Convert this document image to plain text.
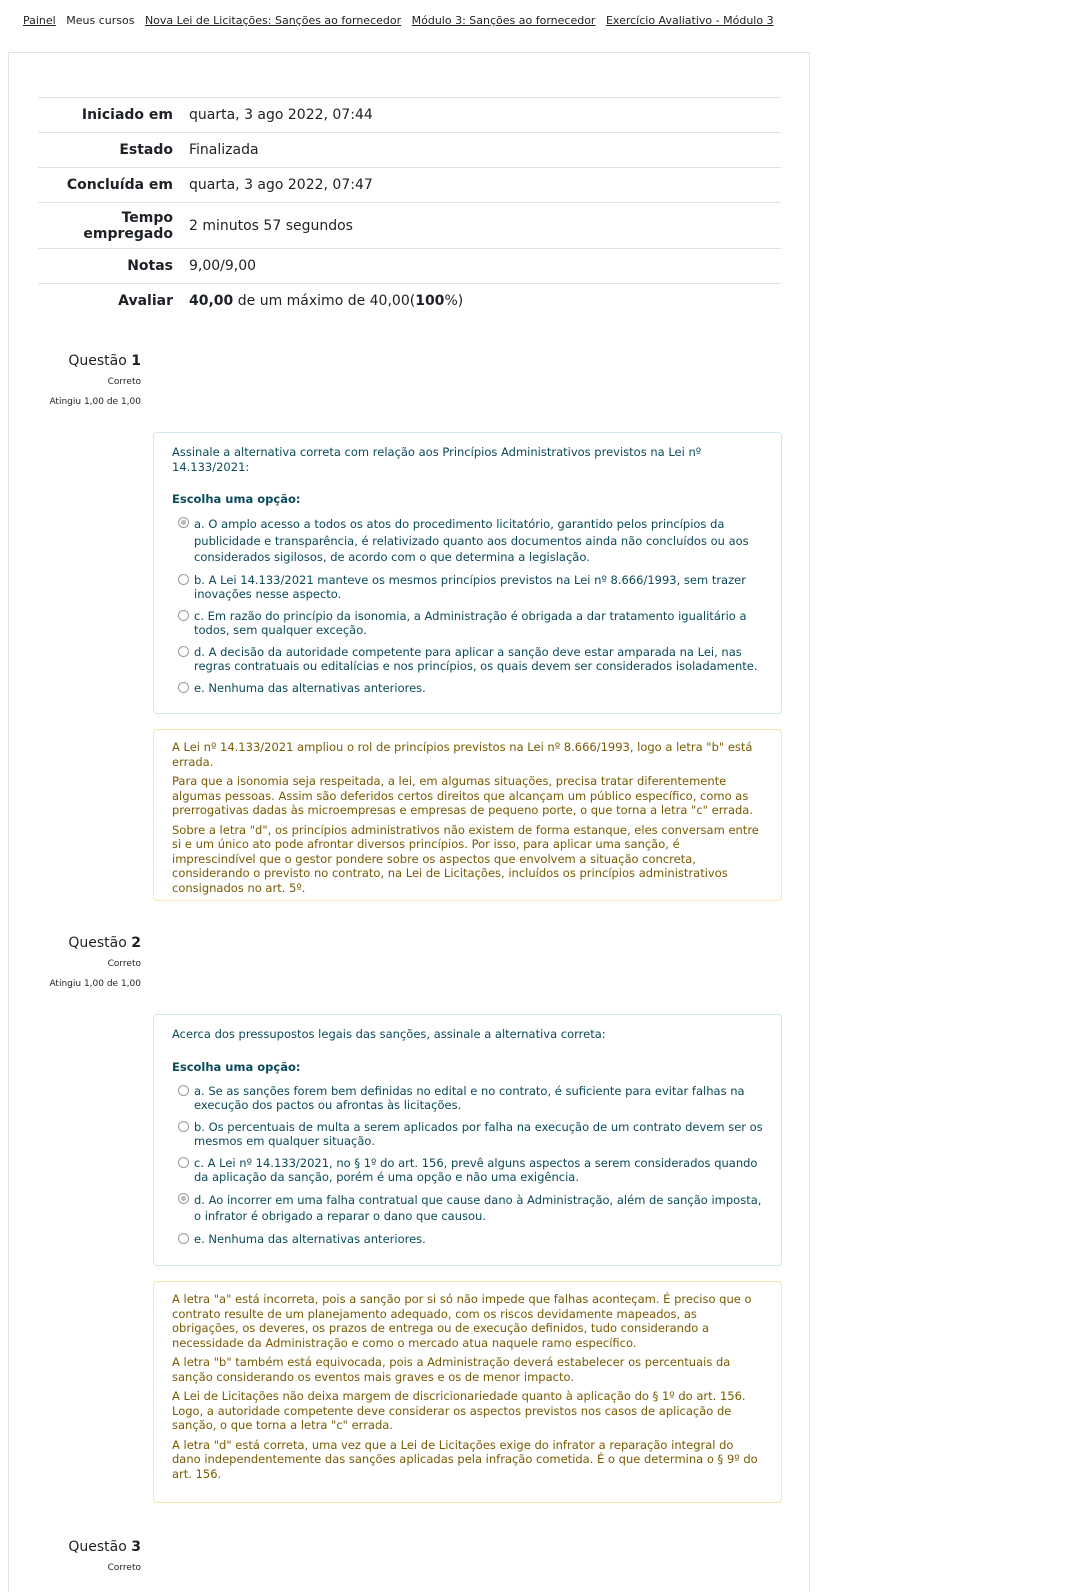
Painel Meus cursos Nova Lei de Licitações: Sanções ao fornecedor Módulo 3: Sanções ao fornecedor Exercício Avaliativo - Módulo 3
Iniciado em	quarta, 3 ago 2022, 07:44
Estado	Finalizada
Concluída em	quarta, 3 ago 2022, 07:47
Tempo empregado	2 minutos 57 segundos
Notas	9,00/9,00
Avaliar	40,00 de um máximo de 40,00(100%)
Questão 1
Correto
Atingiu 1,00 de 1,00
Assinale a alternativa correta com relação aos Princípios Administrativos previstos na Lei nº 14.133/2021:
Escolha uma opção:
a. O amplo acesso a todos os atos do procedimento licitatório, garantido pelos princípios da publicidade e transparência, é relativizado quanto aos documentos ainda não concluídos ou aos considerados sigilosos, de acordo com o que determina a legislação.
b. A Lei 14.133/2021 manteve os mesmos princípios previstos na Lei nº 8.666/1993, sem trazer inovações nesse aspecto.
c. Em razão do princípio da isonomia, a Administração é obrigada a dar tratamento igualitário a todos, sem qualquer exceção.
d. A decisão da autoridade competente para aplicar a sanção deve estar amparada na Lei, nas regras contratuais ou editalícias e nos princípios, os quais devem ser considerados isoladamente.
e. Nenhuma das alternativas anteriores.

A Lei nº 14.133/2021 ampliou o rol de princípios previstos na Lei nº 8.666/1993, logo a letra "b" está errada.

Para que a isonomia seja respeitada, a lei, em algumas situações, precisa tratar diferentemente algumas pessoas. Assim são deferidos certos direitos que alcançam um público específico, como as prerrogativas dadas às microempresas e empresas de pequeno porte, o que torna a letra "c" errada.

Sobre a letra "d", os princípios administrativos não existem de forma estanque, eles conversam entre si e um único ato pode afrontar diversos princípios. Por isso, para aplicar uma sanção, é imprescindível que o gestor pondere sobre os aspectos que envolvem a situação concreta, considerando o previsto no contrato, na Lei de Licitações, incluídos os princípios administrativos consignados no art. 5º.

Questão 2
Correto
Atingiu 1,00 de 1,00
Acerca dos pressupostos legais das sanções, assinale a alternativa correta:
Escolha uma opção:
a. Se as sanções forem bem definidas no edital e no contrato, é suficiente para evitar falhas na execução dos pactos ou afrontas às licitações.
b. Os percentuais de multa a serem aplicados por falha na execução de um contrato devem ser os mesmos em qualquer situação.
c. A Lei nº 14.133/2021, no § 1º do art. 156, prevê alguns aspectos a serem considerados quando da aplicação da sanção, porém é uma opção e não uma exigência.
d. Ao incorrer em uma falha contratual que cause dano à Administração, além de sanção imposta, o infrator é obrigado a reparar o dano que causou.
e. Nenhuma das alternativas anteriores.

A letra "a" está incorreta, pois a sanção por si só não impede que falhas aconteçam. É preciso que o contrato resulte de um planejamento adequado, com os riscos devidamente mapeados, as obrigações, os deveres, os prazos de entrega ou de execução definidos, tudo considerando a necessidade da Administração e como o mercado atua naquele ramo específico.

A letra "b" também está equivocada, pois a Administração deverá estabelecer os percentuais da sanção considerando os eventos mais graves e os de menor impacto.

A Lei de Licitações não deixa margem de discricionariedade quanto à aplicação do § 1º do art. 156. Logo, a autoridade competente deve considerar os aspectos previstos nos casos de aplicação de sanção, o que torna a letra "c" errada.

A letra "d" está correta, uma vez que a Lei de Licitações exige do infrator a reparação integral do dano independentemente das sanções aplicadas pela infração cometida. É o que determina o § 9º do art. 156.

Questão 3
Correto
